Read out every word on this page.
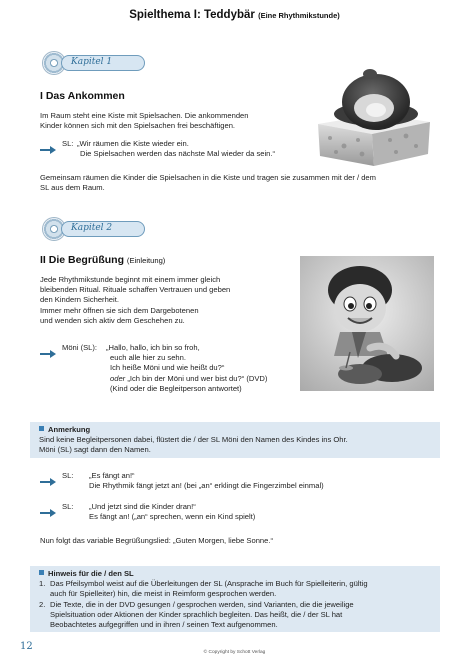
Spielthema I: Teddybär (Eine Rhythmikstunde)
Kapitel 1
I Das Ankommen
Im Raum steht eine Kiste mit Spielsachen. Die ankommenden
Kinder können sich mit den Spielsachen frei beschäftigen.
SL: „Wir räumen die Kiste wieder ein.
Die Spielsachen werden das nächste Mal wieder da sein.“
Gemeinsam räumen die Kinder die Spielsachen in die Kiste und tragen sie zusammen mit der / dem
SL aus dem Raum.
Kapitel 2
II Die Begrüßung (Einleitung)
Jede Rhythmikstunde beginnt mit einem immer gleich
bleibenden Ritual. Rituale schaffen Vertrauen und geben
den Kindern Sicherheit.
Immer mehr öffnen sie sich dem Dargebotenen
und wenden sich aktiv dem Geschehen zu.
Möni (SL): „Hallo, hallo, ich bin so froh,
euch alle hier zu sehn.
Ich heiße Möni und wie heißt du?“
oder „Ich bin der Möni und wer bist du?“ (DVD)
(Kind oder die Begleitperson antwortet)
Anmerkung
Sind keine Begleitpersonen dabei, flüstert die / der SL Möni den Namen des Kindes ins Ohr.
Möni (SL) sagt dann den Namen.
SL: „Es fängt an!“
Die Rhythmik fängt jetzt an! (bei „an“ erklingt die Fingerzimbel einmal)
SL: „Und jetzt sind die Kinder dran!“
Es fängt an! („an“ sprechen, wenn ein Kind spielt)
Nun folgt das variable Begrüßungslied: „Guten Morgen, liebe Sonne.“
Hinweis für die / den SL
1. Das Pfeilsymbol weist auf die Überleitungen der SL (Ansprache im Buch für Spielleiterin, gültig
auch für Spielleiter) hin, die meist in Reimform gesprochen werden.
2. Die Texte, die in der DVD gesungen / gesprochen werden, sind Varianten, die die jeweilige
Spielsituation oder Aktionen der Kinder sprachlich begleiten. Das heißt, die / der SL hat
Beobachtetes aufgegriffen und in ihren / seinen Text aufgenommen.
12
© Copyright by Schott Verlag
